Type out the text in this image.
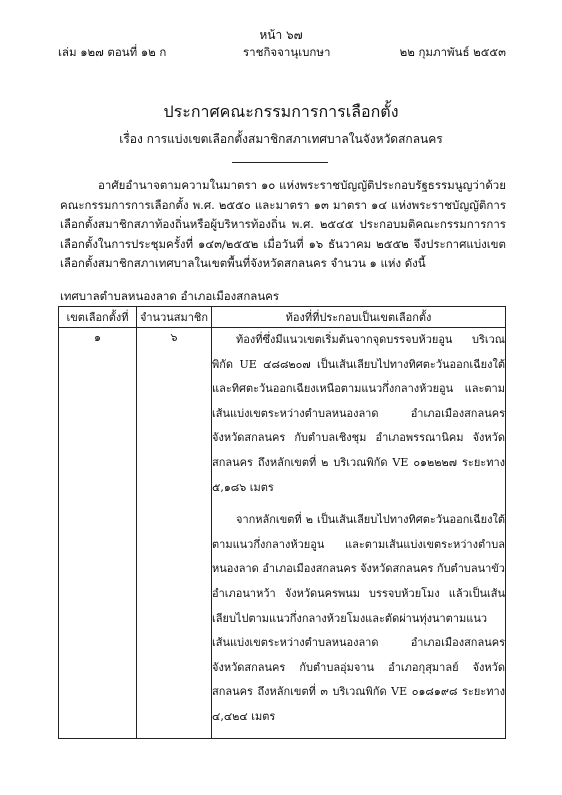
หน้า ๖๗
เล่ม ๑๒๗ ตอนที่ ๑๒ ก	ราชกิจจานุเบกษา	๒๒ กุมภาพันธ์ ๒๕๕๓
ประกาศคณะกรรมการการเลือกตั้ง
เรื่อง การแบ่งเขตเลือกตั้งสมาชิกสภาเทศบาลในจังหวัดสกลนคร

อาศัยอำนาจตามความในมาตรา ๑๐ แห่งพระราชบัญญัติประกอบรัฐธรรมนูญว่าด้วยคณะกรรมการการเลือกตั้ง พ.ศ. ๒๕๕๐ และมาตรา ๑๓ มาตรา ๑๔ แห่งพระราชบัญญัติการเลือกตั้งสมาชิกสภาท้องถิ่นหรือผู้บริหารท้องถิ่น พ.ศ. ๒๕๔๕ ประกอบมติคณะกรรมการการเลือกตั้งในการประชุมครั้งที่ ๑๔๓/๒๕๕๒ เมื่อวันที่ ๑๖ ธันวาคม ๒๕๕๒ จึงประกาศแบ่งเขตเลือกตั้งสมาชิกสภาเทศบาลในเขตพื้นที่จังหวัดสกลนคร จำนวน ๑ แห่ง ดังนี้

เทศบาลตำบลหนองลาด อำเภอเมืองสกลนคร
เขตเลือกตั้งที่	จำนวนสมาชิก	ท้องที่ที่ประกอบเป็นเขตเลือกตั้ง
๑	๖	ท้องที่ซึ่งมีแนวเขตเริ่มต้นจากจุดบรรจบห้วยอูน บริเวณพิกัด UE ๔๘๘๒๐๗ เป็นเส้นเลียบไปทางทิศตะวันออกเฉียงใต้และทิศตะวันออกเฉียงเหนือตามแนวกึ่งกลางห้วยอูน และตามเส้นแบ่งเขตระหว่างตำบลหนองลาด อำเภอเมืองสกลนคร จังหวัดสกลนคร กับตำบลเชิงชุม อำเภอพรรณานิคม จังหวัดสกลนคร ถึงหลักเขตที่ ๒ บริเวณพิกัด VE ๐๑๒๒๒๗ ระยะทาง ๕,๑๘๖ เมตร

จากหลักเขตที่ ๒ เป็นเส้นเลียบไปทางทิศตะวันออกเฉียงใต้ ตามแนวกึ่งกลางห้วยอูน และตามเส้นแบ่งเขตระหว่างตำบลหนองลาด อำเภอเมืองสกลนคร จังหวัดสกลนคร กับตำบลนาขัว อำเภอนาหว้า จังหวัดนครพนม บรรจบห้วยโมง แล้วเป็นเส้นเลียบไปตามแนวกึ่งกลางห้วยโมงและตัดผ่านทุ่งนาตามแนวเส้นแบ่งเขตระหว่างตำบลหนองลาด อำเภอเมืองสกลนคร จังหวัดสกลนคร กับตำบลอุ่มจาน อำเภอกุสุมาลย์ จังหวัดสกลนคร ถึงหลักเขตที่ ๓ บริเวณพิกัด VE ๐๑๘๑๙๘ ระยะทาง ๔,๔๒๔ เมตร
